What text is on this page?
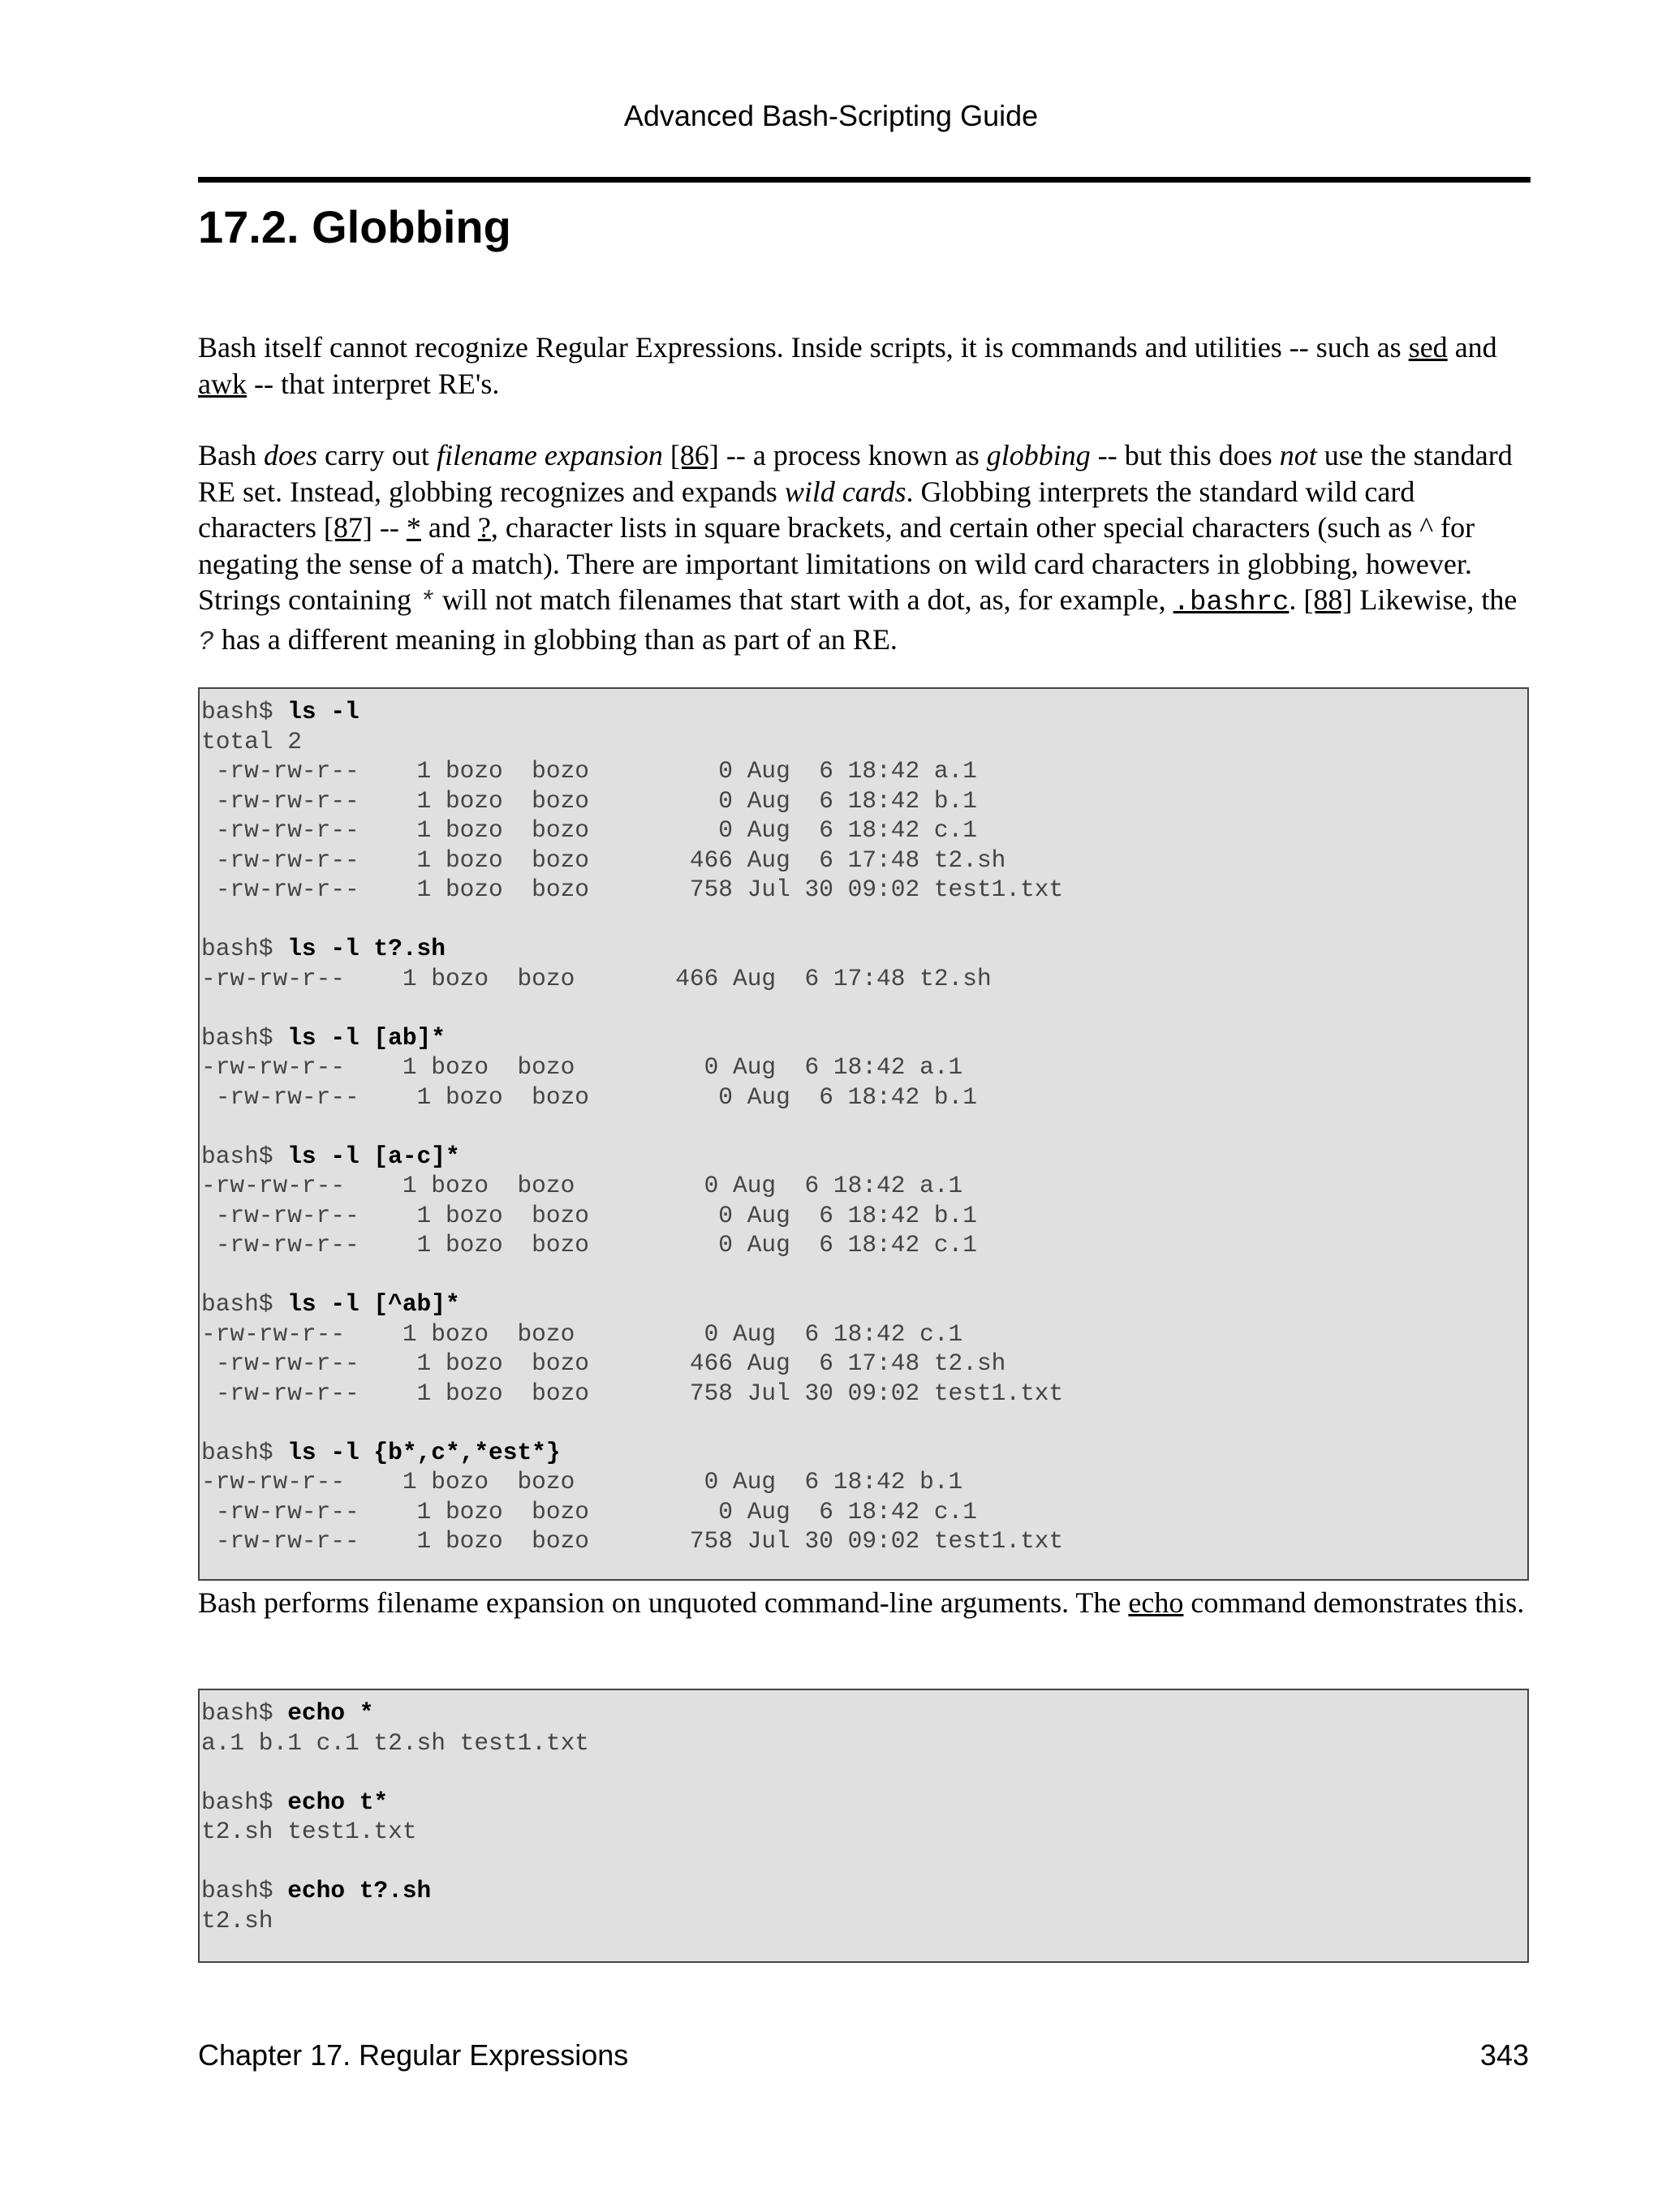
Advanced Bash-Scripting Guide
17.2. Globbing

Bash itself cannot recognize Regular Expressions. Inside scripts, it is commands and utilities -- such as sed and awk -- that interpret RE's.

Bash does carry out filename expansion [86] -- a process known as globbing -- but this does not use the standard RE set. Instead, globbing recognizes and expands wild cards. Globbing interprets the standard wild card characters [87] -- * and ?, character lists in square brackets, and certain other special characters (such as ^ for negating the sense of a match). There are important limitations on wild card characters in globbing, however. Strings containing * will not match filenames that start with a dot, as, for example, .bashrc. [88] Likewise, the ? has a different meaning in globbing than as part of an RE.

bash$ ls -l
total 2
-rw-rw-r--    1 bozo  bozo         0 Aug  6 18:42 a.1
-rw-rw-r--    1 bozo  bozo         0 Aug  6 18:42 b.1
-rw-rw-r--    1 bozo  bozo         0 Aug  6 18:42 c.1
-rw-rw-r--    1 bozo  bozo       466 Aug  6 17:48 t2.sh
-rw-rw-r--    1 bozo  bozo       758 Jul 30 09:02 test1.txt
bash$ ls -l t?.sh
-rw-rw-r--    1 bozo  bozo       466 Aug  6 17:48 t2.sh
bash$ ls -l [ab]*
-rw-rw-r--    1 bozo  bozo         0 Aug  6 18:42 a.1
-rw-rw-r--    1 bozo  bozo         0 Aug  6 18:42 b.1
bash$ ls -l [a-c]*
-rw-rw-r--    1 bozo  bozo         0 Aug  6 18:42 a.1
-rw-rw-r--    1 bozo  bozo         0 Aug  6 18:42 b.1
-rw-rw-r--    1 bozo  bozo         0 Aug  6 18:42 c.1
bash$ ls -l [^ab]*
-rw-rw-r--    1 bozo  bozo         0 Aug  6 18:42 c.1
-rw-rw-r--    1 bozo  bozo       466 Aug  6 17:48 t2.sh
-rw-rw-r--    1 bozo  bozo       758 Jul 30 09:02 test1.txt
bash$ ls -l {b*,c*,*est*}
-rw-rw-r--    1 bozo  bozo         0 Aug  6 18:42 b.1
-rw-rw-r--    1 bozo  bozo         0 Aug  6 18:42 c.1
-rw-rw-r--    1 bozo  bozo       758 Jul 30 09:02 test1.txt

Bash performs filename expansion on unquoted command-line arguments. The echo command demonstrates this.

bash$ echo *
a.1 b.1 c.1 t2.sh test1.txt
bash$ echo t*
t2.sh test1.txt
bash$ echo t?.sh
t2.sh
Chapter 17. Regular Expressions	343
